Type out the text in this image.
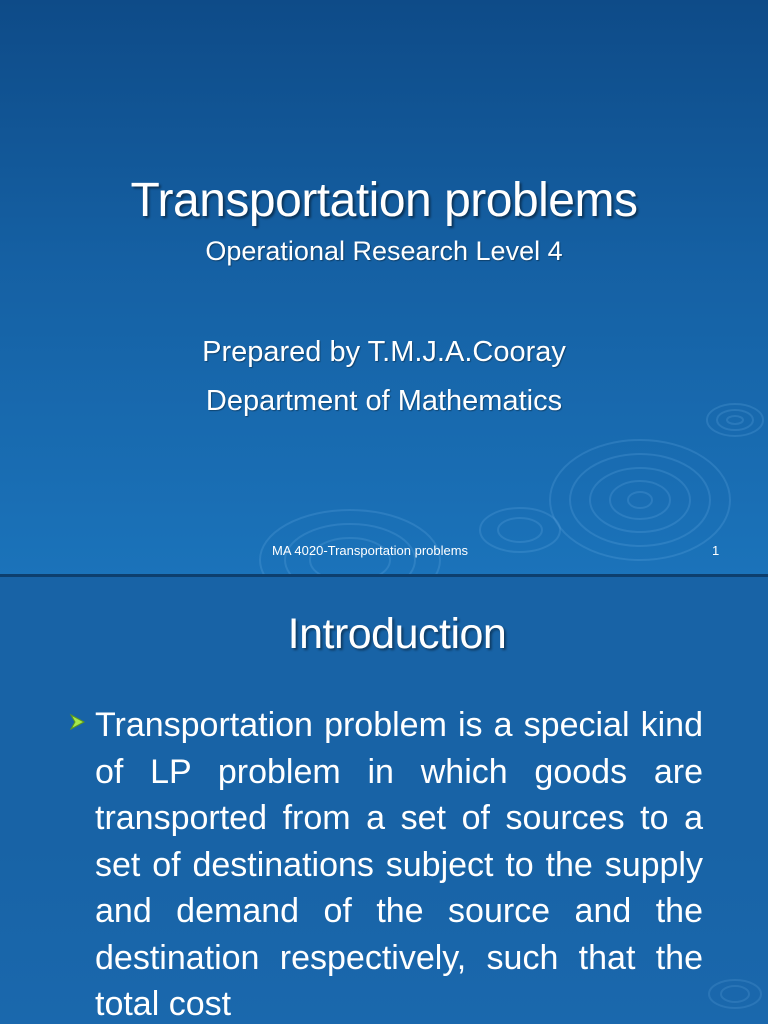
Transportation problems
Operational Research Level 4
Prepared by T.M.J.A.Cooray
Department of Mathematics
MA 4020-Transportation problems	1
Introduction

Transportation problem is a special kind of LP problem in which goods are transported from a set of sources to a set of destinations subject to the supply and demand of the source and the destination respectively, such that the total cost
